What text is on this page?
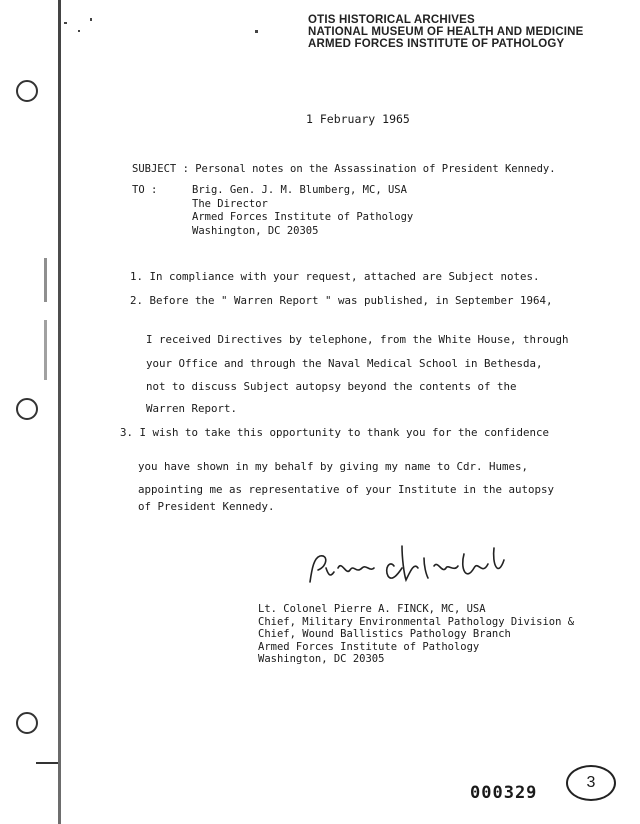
OTIS HISTORICAL ARCHIVES
NATIONAL MUSEUM OF HEALTH AND MEDICINE
ARMED FORCES INSTITUTE OF PATHOLOGY
1 February 1965
SUBJECT : Personal notes on the Assassination of President Kennedy.
TO :	Brig. Gen. J. M. Blumberg, MC, USA
The Director
Armed Forces Institute of Pathology
Washington, DC 20305
1. In compliance with your request, attached are Subject notes.
2. Before the " Warren Report " was published, in September 1964,
I received Directives by telephone, from the White House, through
your Office and through the Naval Medical School in Bethesda,
not to discuss Subject autopsy beyond the contents of the
Warren Report.
3. I wish to take this opportunity to thank you for the confidence
you have shown in my behalf by giving my name to Cdr. Humes,
appointing me as representative of your Institute in the autopsy
of President Kennedy.
Lt. Colonel Pierre A. FINCK, MC, USA
Chief, Military Environmental Pathology Division &
Chief, Wound Ballistics Pathology Branch
Armed Forces Institute of Pathology
Washington, DC 20305
000329
3
